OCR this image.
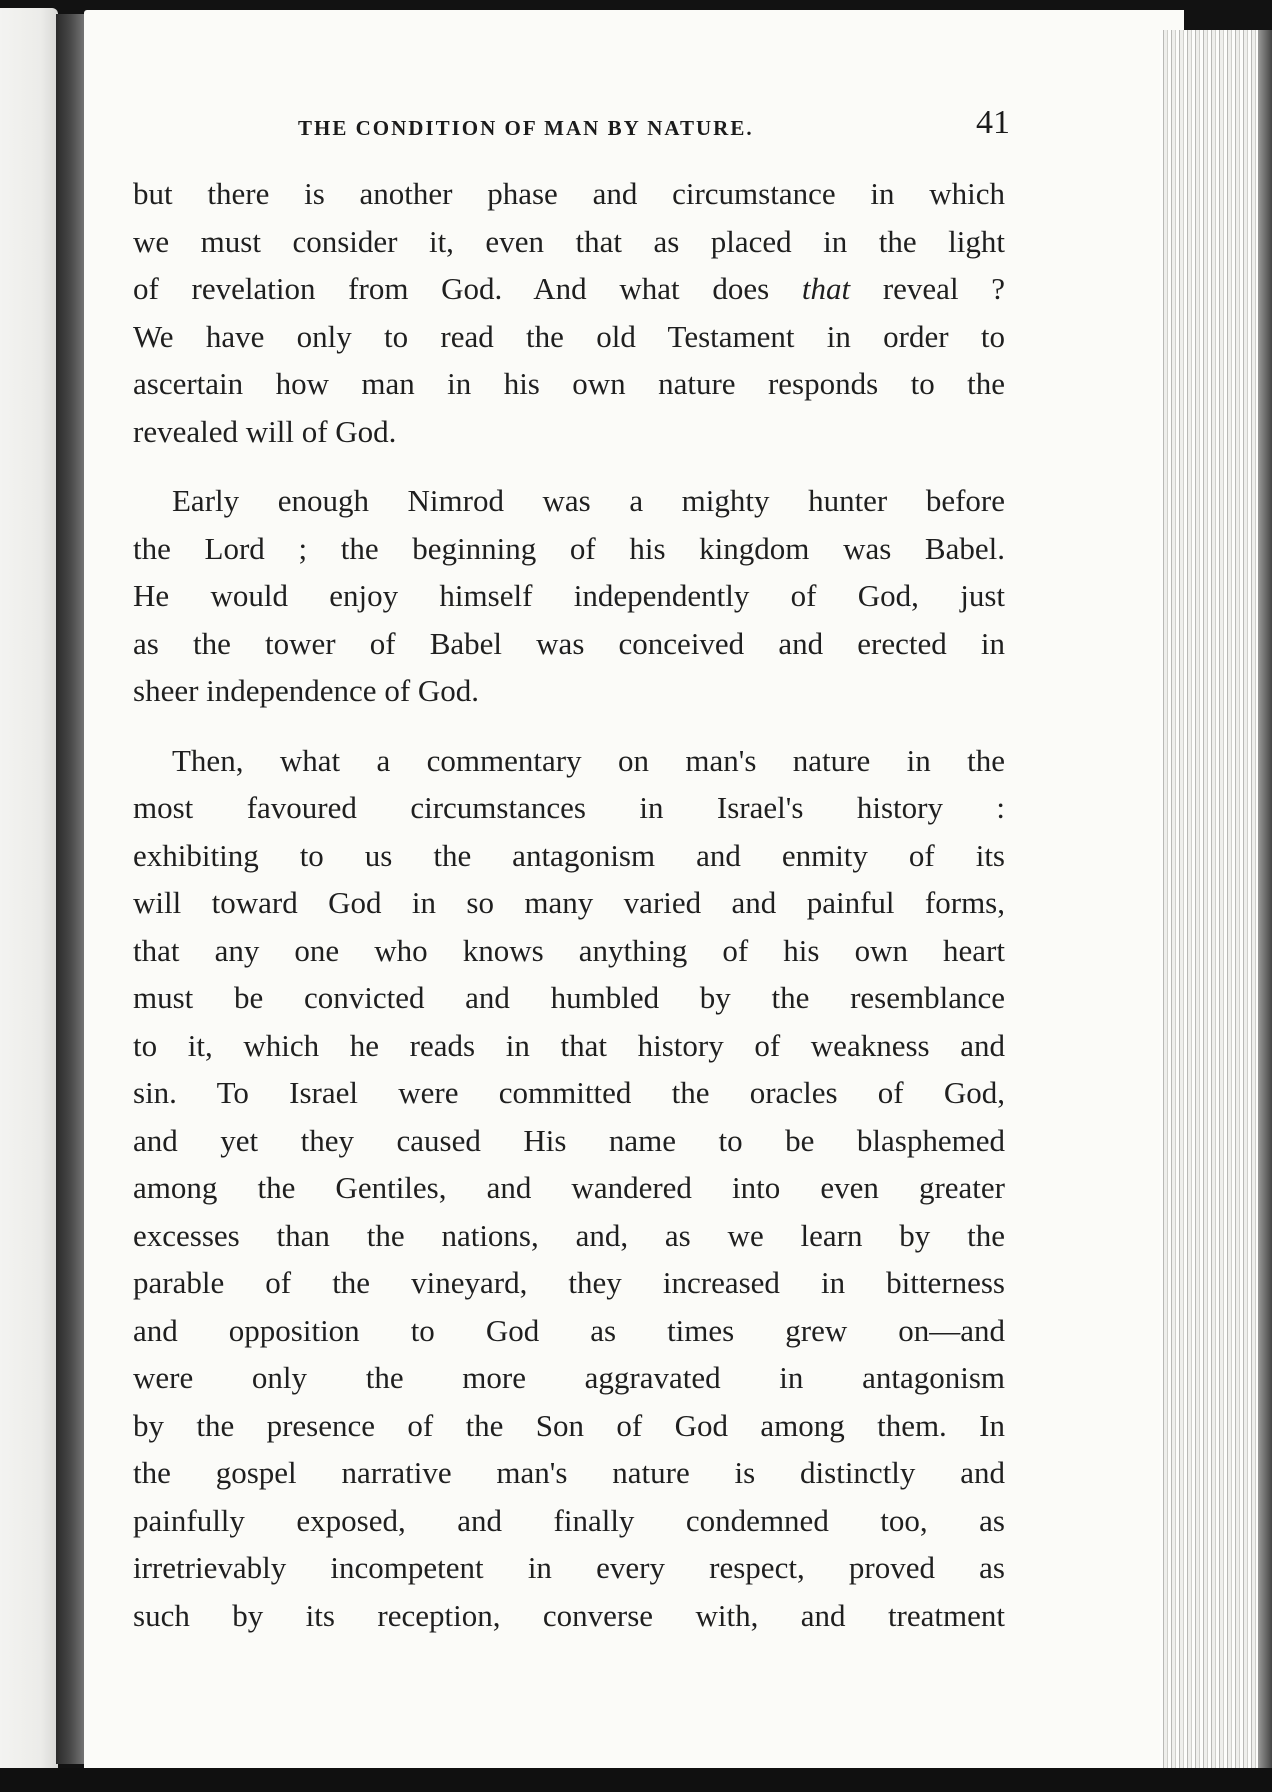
THE CONDITION OF MAN BY NATURE.	41
but there is another phase and circumstance in which
we must consider it, even that as placed in the light
of revelation from God. And what does that reveal ?
We have only to read the old Testament in order to
ascertain how man in his own nature responds to the
revealed will of God.
Early enough Nimrod was a mighty hunter before
the Lord ; the beginning of his kingdom was Babel.
He would enjoy himself independently of God, just
as the tower of Babel was conceived and erected in
sheer independence of God.
Then, what a commentary on man's nature in the
most favoured circumstances in Israel's history :
exhibiting to us the antagonism and enmity of its
will toward God in so many varied and painful forms,
that any one who knows anything of his own heart
must be convicted and humbled by the resemblance
to it, which he reads in that history of weakness and
sin. To Israel were committed the oracles of God,
and yet they caused His name to be blasphemed
among the Gentiles, and wandered into even greater
excesses than the nations, and, as we learn by the
parable of the vineyard, they increased in bitterness
and opposition to God as times grew on—and
were only the more aggravated in antagonism
by the presence of the Son of God among them. In
the gospel narrative man's nature is distinctly and
painfully exposed, and finally condemned too, as
irretrievably incompetent in every respect, proved as
such by its reception, converse with, and treatment
